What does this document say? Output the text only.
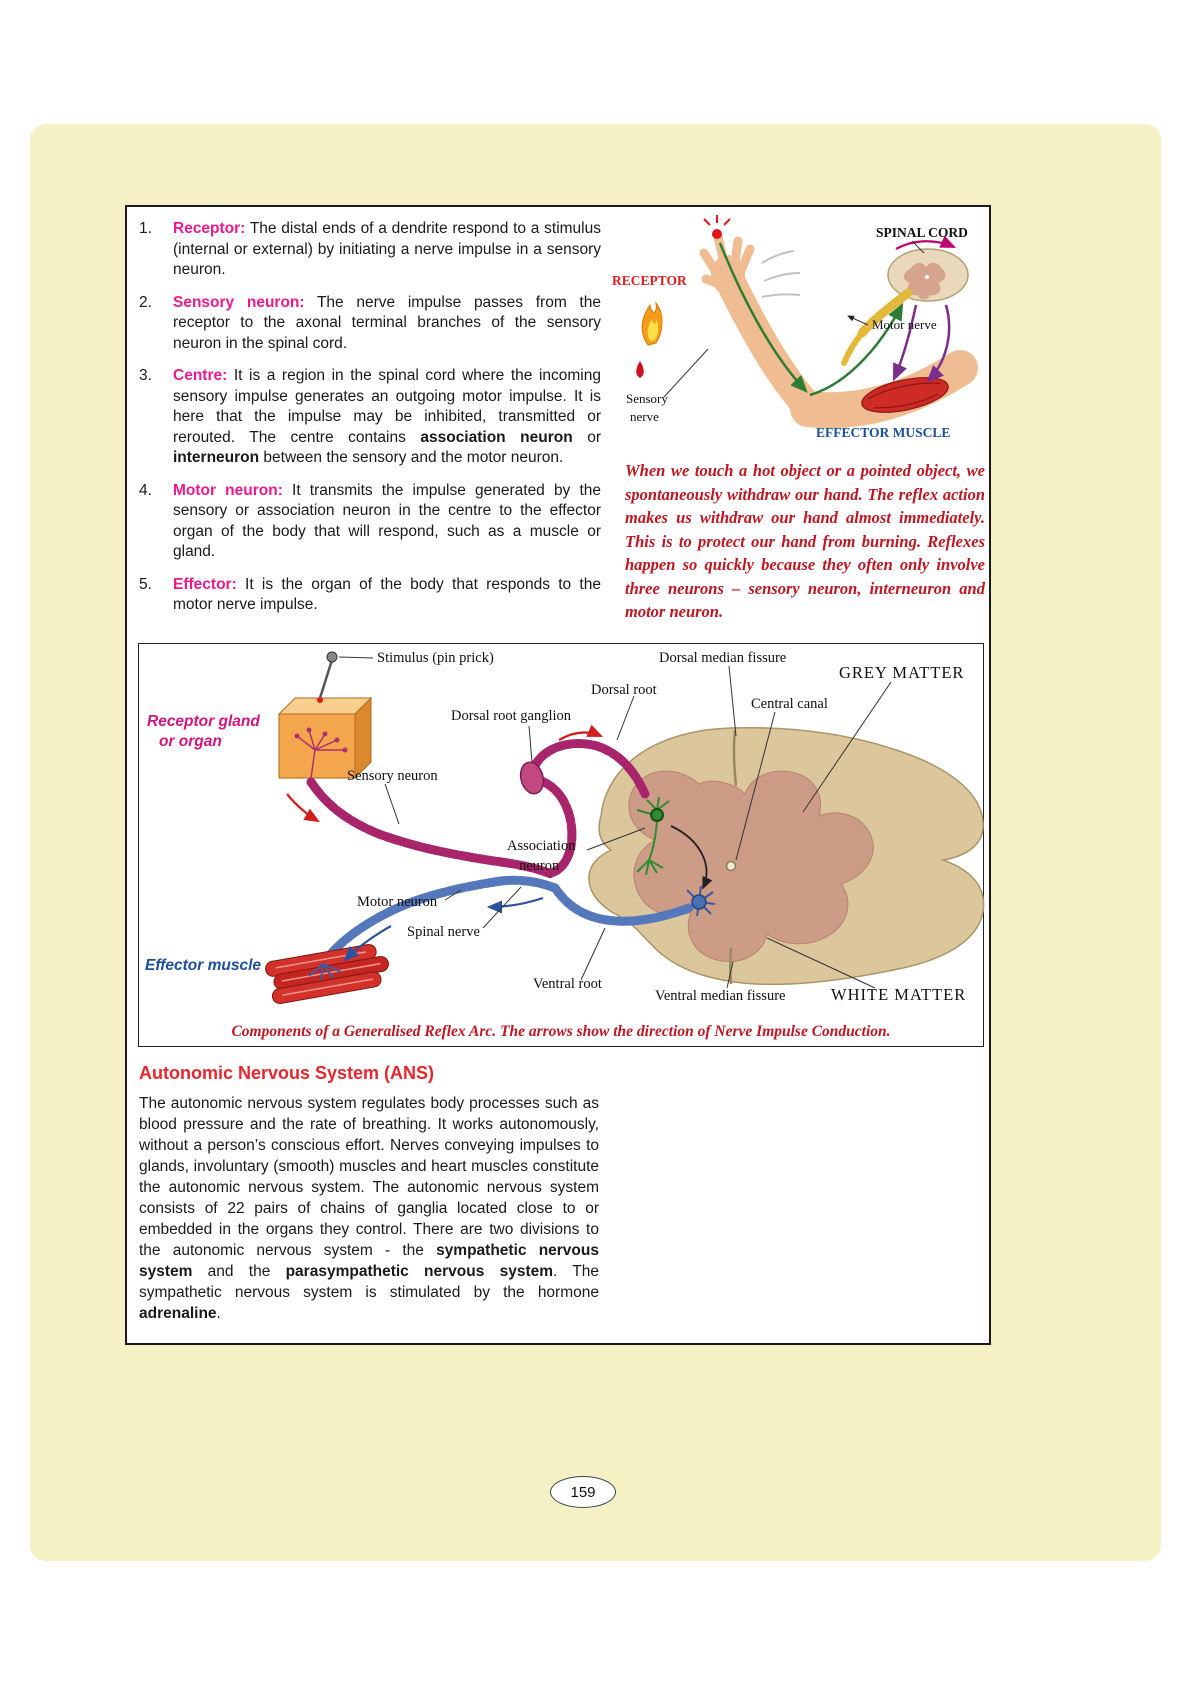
1.	Receptor: The distal ends of a dendrite respond to a stimulus (internal or external) by initiating a nerve impulse in a sensory neuron.

2.	Sensory neuron: The nerve impulse passes from the receptor to the axonal terminal branches of the sensory neuron in the spinal cord.

3.	Centre: It is a region in the spinal cord where the incoming sensory impulse generates an outgoing motor impulse. It is here that the impulse may be inhibited, transmitted or rerouted. The centre contains association neuron or interneuron between the sensory and the motor neuron.

4.	Motor neuron: It transmits the impulse generated by the sensory or association neuron in the centre to the effector organ of the body that will respond, such as a muscle or gland.

5.	Effector: It is the organ of the body that responds to the motor nerve impulse.

SPINAL CORD
RECEPTOR
Motor nerve
Sensory
nerve
EFFECTOR MUSCLE
When we touch a hot object or a pointed object, we spontaneously withdraw our hand. The reflex action makes us withdraw our hand almost immediately. This is to protect our hand from burning. Reflexes happen so quickly because they often only involve three neurons – sensory neuron, interneuron and motor neuron.
Stimulus (pin prick)	Dorsal median fissure
Dorsal root
GREY MATTER
Central canal
Dorsal root ganglion
Receptor gland
or organ
Sensory neuron
Association
neuron
Motor neuron
Spinal nerve
Effector muscle
Ventral root
Ventral median fissure	WHITE MATTER
Components of a Generalised Reflex Arc. The arrows show the direction of Nerve Impulse Conduction.
Autonomic Nervous System (ANS)

The autonomic nervous system regulates body processes such as blood pressure and the rate of breathing. It works autonomously, without a person’s conscious effort. Nerves conveying impulses to glands, involuntary (smooth) muscles and heart muscles constitute the autonomic nervous system. The autonomic nervous system consists of 22 pairs of chains of ganglia located close to or embedded in the organs they control. There are two divisions to the autonomic nervous system - the sympathetic nervous system and the parasympathetic nervous system. The sympathetic nervous system is stimulated by the hormone adrenaline.

159
